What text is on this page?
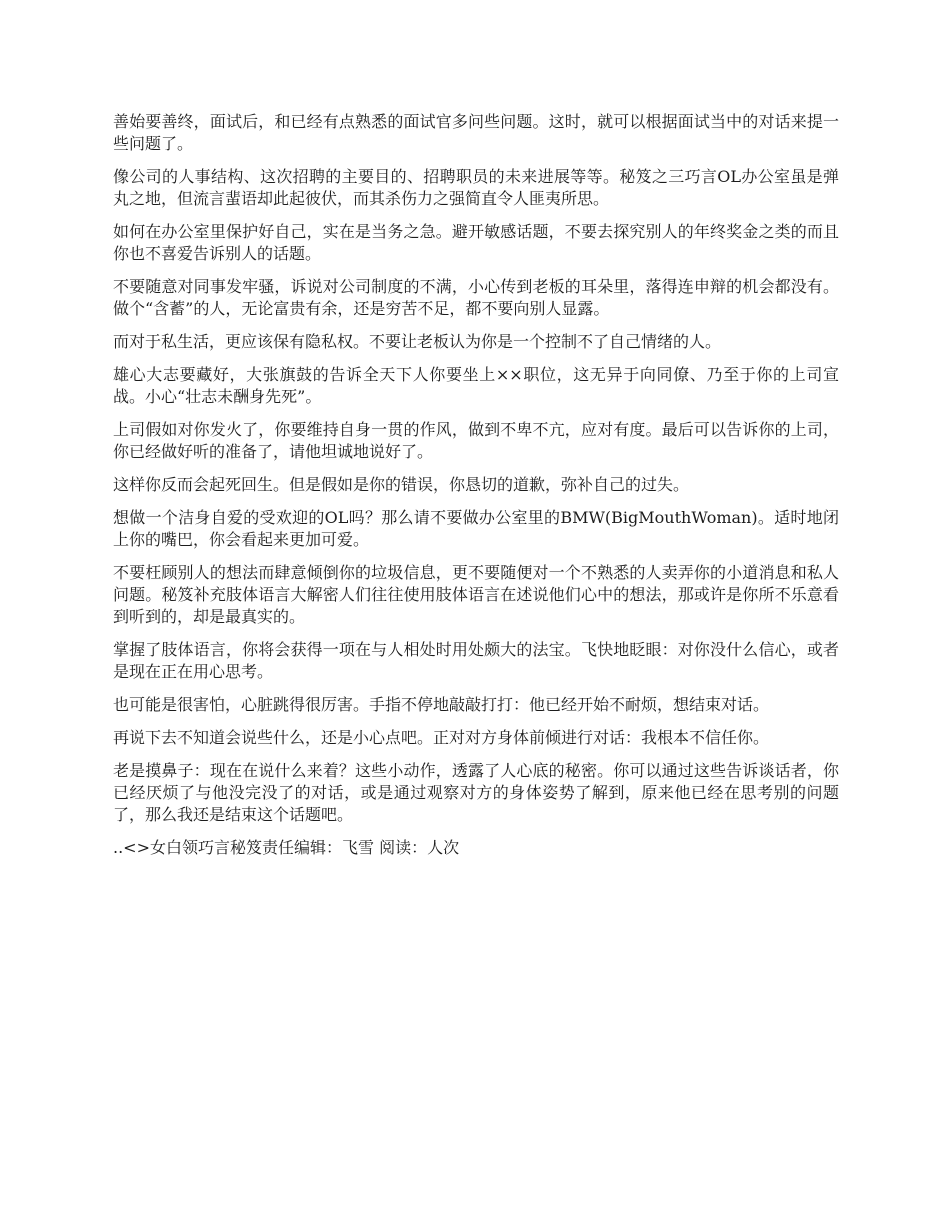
善始要善终，面试后，和已经有点熟悉的面试官多问些问题。这时，就可以根据面试当中的对话来提一些问题了。

像公司的人事结构、这次招聘的主要目的、招聘职员的未来进展等等。秘笈之三巧言OL办公室虽是弹丸之地，但流言蜚语却此起彼伏，而其杀伤力之强简直令人匪夷所思。

如何在办公室里保护好自己，实在是当务之急。避开敏感话题，不要去探究别人的年终奖金之类的而且你也不喜爱告诉别人的话题。

不要随意对同事发牢骚，诉说对公司制度的不满，小心传到老板的耳朵里，落得连申辩的机会都没有。做个“含蓄”的人，无论富贵有余，还是穷苦不足，都不要向别人显露。

而对于私生活，更应该保有隐私权。不要让老板认为你是一个控制不了自己情绪的人。

雄心大志要藏好，大张旗鼓的告诉全天下人你要坐上××职位，这无异于向同僚、乃至于你的上司宣战。小心“壮志未酬身先死”。

上司假如对你发火了，你要维持自身一贯的作风，做到不卑不亢，应对有度。最后可以告诉你的上司，你已经做好听的准备了，请他坦诚地说好了。

这样你反而会起死回生。但是假如是你的错误，你恳切的道歉，弥补自己的过失。

想做一个洁身自爱的受欢迎的OL吗？那么请不要做办公室里的BMW(BigMouthWoman)。适时地闭上你的嘴巴，你会看起来更加可爱。

不要枉顾别人的想法而肆意倾倒你的垃圾信息，更不要随便对一个不熟悉的人卖弄你的小道消息和私人问题。秘笈补充肢体语言大解密人们往往使用肢体语言在述说他们心中的想法，那或许是你所不乐意看到听到的，却是最真实的。

掌握了肢体语言，你将会获得一项在与人相处时用处颇大的法宝。飞快地眨眼：对你没什么信心，或者是现在正在用心思考。

也可能是很害怕，心脏跳得很厉害。手指不停地敲敲打打：他已经开始不耐烦，想结束对话。

再说下去不知道会说些什么，还是小心点吧。正对对方身体前倾进行对话：我根本不信任你。

老是摸鼻子：现在在说什么来着？这些小动作，透露了人心底的秘密。你可以通过这些告诉谈话者，你已经厌烦了与他没完没了的对话，或是通过观察对方的身体姿势了解到，原来他已经在思考别的问题了，那么我还是结束这个话题吧。

..<>女白领巧言秘笈责任编辑：飞雪 阅读：人次
